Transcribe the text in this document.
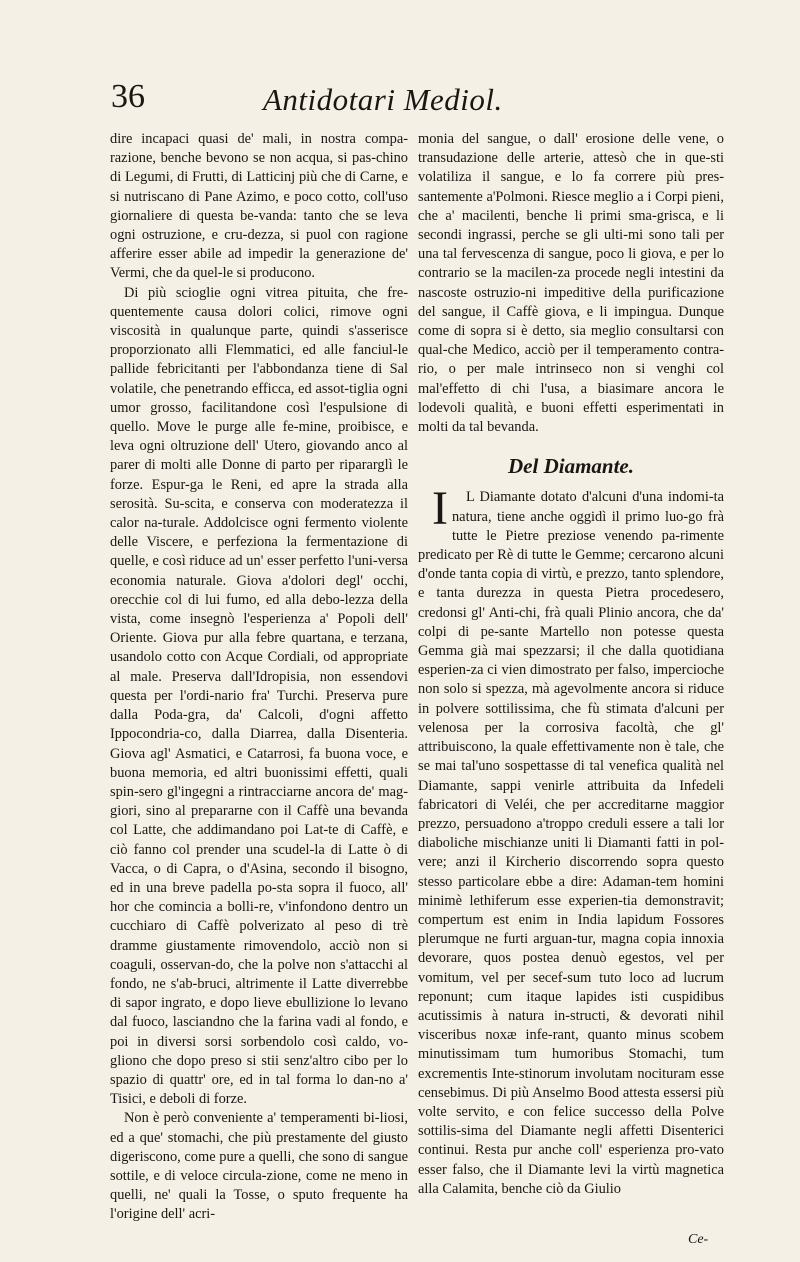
36	Antidotari Mediol.

dire incapaci quasi de' mali, in nostra compa-razione, benche bevono se non acqua, si pas-chino di Legumi, di Frutti, di Latticinj più che di Carne, e si nutriscano di Pane Azimo, e poco cotto, coll'uso giornaliere di questa be-vanda: tanto che se leva ogni ostruzione, e cru-dezza, si puol con ragione afferire esser abile ad impedir la generazione de' Vermi, che da quel-le si producono.

Di più scioglie ogni vitrea pituita, che fre-quentemente causa dolori colici, rimove ogni viscosità in qualunque parte, quindi s'asserisce proporzionato alli Flemmatici, ed alle fanciul-le pallide febricitanti per l'abbondanza tiene di Sal volatile, che penetrando efficca, ed assot-tiglia ogni umor grosso, facilitandone così l'espulsione di quello. Move le purge alle fe-mine, proibisce, e leva ogni oltruzione dell' Utero, giovando anco al parer di molti alle Donne di parto per ripararglì le forze. Espur-ga le Reni, ed apre la strada alla serosità. Su-scita, e conserva con moderatezza il calor na-turale. Addolcisce ogni fermento violente delle Viscere, e perfeziona la fermentazione di quelle, e così riduce ad un' esser perfetto l'uni-versa economia naturale. Giova a'dolori degl' occhi, orecchie col di lui fumo, ed alla debo-lezza della vista, come insegnò l'esperienza a' Popoli dell' Oriente. Giova pur alla febre quartana, e terzana, usandolo cotto con Acque Cordiali, od appropriate al male. Preserva dall'Idropisia, non essendovi questa per l'ordi-nario fra' Turchi. Preserva pure dalla Poda-gra, da' Calcoli, d'ogni affetto Ippocondria-co, dalla Diarrea, dalla Disenteria. Giova agl' Asmatici, e Catarrosi, fa buona voce, e buona memoria, ed altri buonissimi effetti, quali spin-sero gl'ingegni a rintracciarne ancora de' mag-giori, sino al prepararne con il Caffè una bevanda col Latte, che addimandano poi Lat-te di Caffè, e ciò fanno col prender una scudel-la di Latte ò di Vacca, o di Capra, o d'Asina, secondo il bisogno, ed in una breve padella po-sta sopra il fuoco, all' hor che comincia a bolli-re, v'infondono dentro un cucchiaro di Caffè polverizato al peso di trè dramme giustamente rimovendolo, acciò non si coaguli, osservan-do, che la polve non s'attacchi al fondo, ne s'ab-bruci, altrimente il Latte diverrebbe di sapor ingrato, e dopo lieve ebullizione lo levano dal fuoco, lasciandno che la farina vadi al fondo, e poi in diversi sorsi sorbendolo così caldo, vo-gliono che dopo preso si stii senz'altro cibo per lo spazio di quattr' ore, ed in tal forma lo dan-no a' Tisici, e deboli di forze.

Non è però conveniente a' temperamenti bi-liosi, ed a que' stomachi, che più prestamente del giusto digeriscono, come pure a quelli, che sono di sangue sottile, e di veloce circula-zione, come ne meno in quelli, ne' quali la Tosse, o sputo frequente ha l'origine dell' acri-

monia del sangue, o dall' erosione delle vene, o transudazione delle arterie, attesò che in que-sti volatiliza il sangue, e lo fa correre più pres-santemente a'Polmoni. Riesce meglio a i Corpi pieni, che a' macilenti, benche li primi sma-grisca, e li secondi ingrassi, perche se gli ulti-mi sono tali per una tal fervescenza di sangue, poco li giova, e per lo contrario se la macilen-za procede negli intestini da nascoste ostruzio-ni impeditive della purificazione del sangue, il Caffè giova, e li impingua. Dunque come di sopra si è detto, sia meglio consultarsi con qual-che Medico, acciò per il temperamento contra-rio, o per male intrinseco non si venghi col mal'effetto di chi l'usa, a biasimare ancora le lodevoli qualità, e buoni effetti esperimentati in molti da tal bevanda.

Del Diamante.

I L Diamante dotato d'alcuni d'una indomi-ta natura, tiene anche oggidì il primo luo-go frà tutte le Pietre preziose venendo pa-rimente predicato per Rè di tutte le Gemme; cercarono alcuni d'onde tanta copia di virtù, e prezzo, tanto splendore, e tanta durezza in questa Pietra procedesero, credonsi gl' Anti-chi, frà quali Plinio ancora, che da' colpi di pe-sante Martello non potesse questa Gemma già mai spezzarsi; il che dalla quotidiana esperien-za ci vien dimostrato per falso, impercioche non solo si spezza, mà agevolmente ancora si riduce in polvere sottilissima, che fù stimata d'alcuni per velenosa per la corrosiva facoltà, che gl' attribuiscono, la quale effettivamente non è tale, che se mai tal'uno sospettasse di tal venefica qualità nel Diamante, sappi venirle attribuita da Infedeli fabricatori di Veléi, che per accreditarne maggior prezzo, persuadono a'troppo creduli essere a tali lor diaboliche mischianze uniti li Diamanti fatti in pol-vere; anzi il Kircherio discorrendo sopra questo stesso particolare ebbe a dire: Adaman-tem homini minimè lethiferum esse experien-tia demonstravit; compertum est enim in India lapidum Fossores plerumque ne furti arguan-tur, magna copia innoxia devorare, quos postea denuò egestos, vel per vomitum, vel per secef-sum tuto loco ad lucrum reponunt; cum itaque lapides isti cuspidibus acutissimis à natura in-structi, & devorati nihil visceribus noxæ infe-rant, quanto minus scobem minutissimam tum humoribus Stomachi, tum excrementis Inte-stinorum involutam nocituram esse censebimus. Di più Anselmo Bood attesta essersi più volte servito, e con felice successo della Polve sottilis-sima del Diamante negli affetti Disenterici continui. Resta pur anche coll' esperienza pro-vato esser falso, che il Diamante levi la virtù magnetica alla Calamita, benche ciò da Giulio

Ce-
